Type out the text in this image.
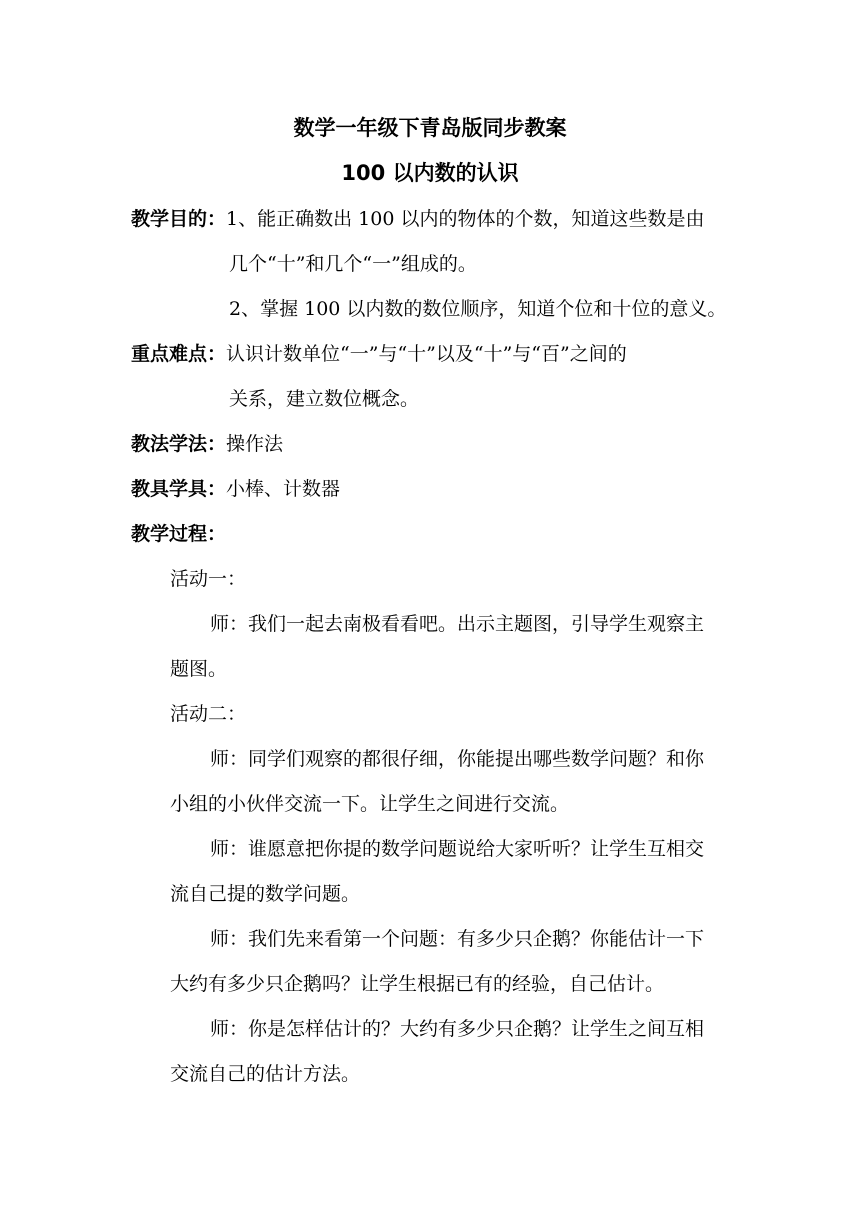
数学一年级下青岛版同步教案
100 以内数的认识
教学目的：1、能正确数出 100 以内的物体的个数，知道这些数是由
几个“十”和几个“一”组成的。
2、掌握 100 以内数的数位顺序，知道个位和十位的意义。
重点难点：认识计数单位“一”与“十”以及“十”与“百”之间的
关系，建立数位概念。
教法学法：操作法
教具学具：小棒、计数器
教学过程：
活动一：
师：我们一起去南极看看吧。出示主题图，引导学生观察主
题图。
活动二：
师：同学们观察的都很仔细，你能提出哪些数学问题？和你
小组的小伙伴交流一下。让学生之间进行交流。
师：谁愿意把你提的数学问题说给大家听听？让学生互相交
流自己提的数学问题。
师：我们先来看第一个问题：有多少只企鹅？你能估计一下
大约有多少只企鹅吗？让学生根据已有的经验，自己估计。
师：你是怎样估计的？大约有多少只企鹅？让学生之间互相
交流自己的估计方法。
